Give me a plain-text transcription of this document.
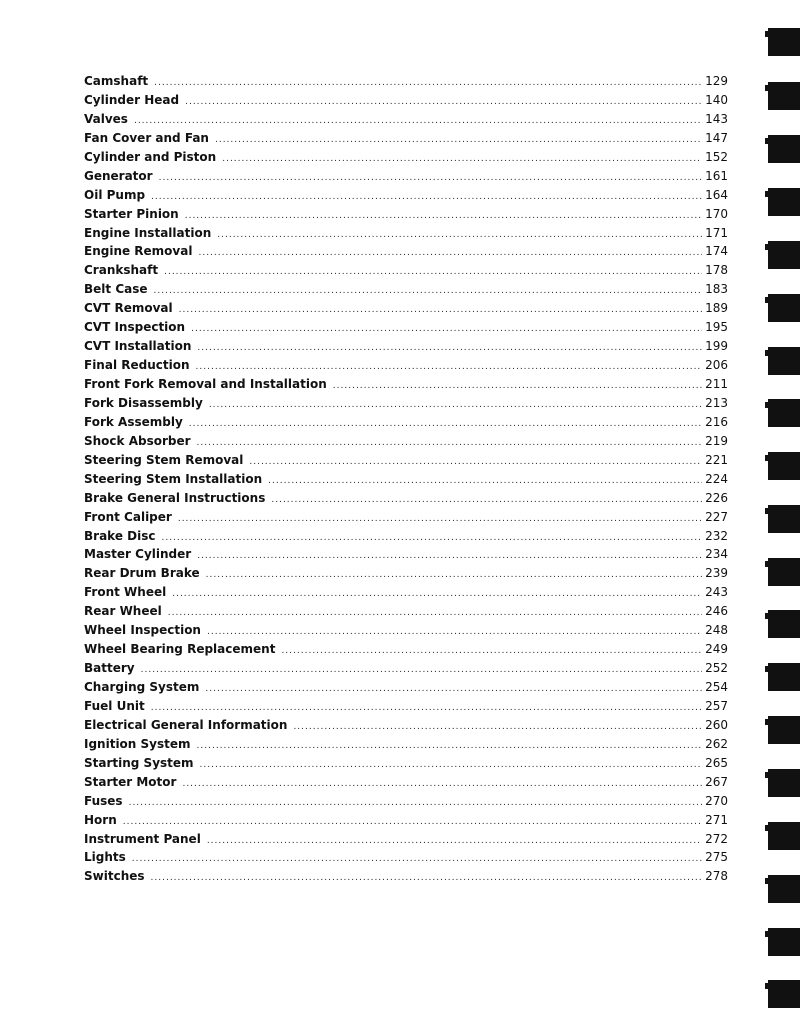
Camshaft .....	129
Cylinder Head .....	140
Valves .....	143
Fan Cover and Fan .....	147
Cylinder and Piston .....	152
Generator .....	161
Oil Pump .....	164
Starter Pinion .....	170
Engine Installation .....	171
Engine Removal .....	174
Crankshaft .....	178
Belt Case .....	183
CVT Removal .....	189
CVT Inspection .....	195
CVT Installation .....	199
Final Reduction .....	206
Front Fork Removal and Installation .....	211
Fork Disassembly .....	213
Fork Assembly .....	216
Shock Absorber .....	219
Steering Stem Removal .....	221
Steering Stem Installation .....	224
Brake General Instructions .....	226
Front Caliper .....	227
Brake Disc .....	232
Master Cylinder .....	234
Rear Drum Brake .....	239
Front Wheel .....	243
Rear Wheel .....	246
Wheel Inspection .....	248
Wheel Bearing Replacement .....	249
Battery .....	252
Charging System .....	254
Fuel Unit .....	257
Electrical General Information .....	260
Ignition System .....	262
Starting System .....	265
Starter Motor .....	267
Fuses .....	270
Horn .....	271
Instrument Panel .....	272
Lights .....	275
Switches .....	278
